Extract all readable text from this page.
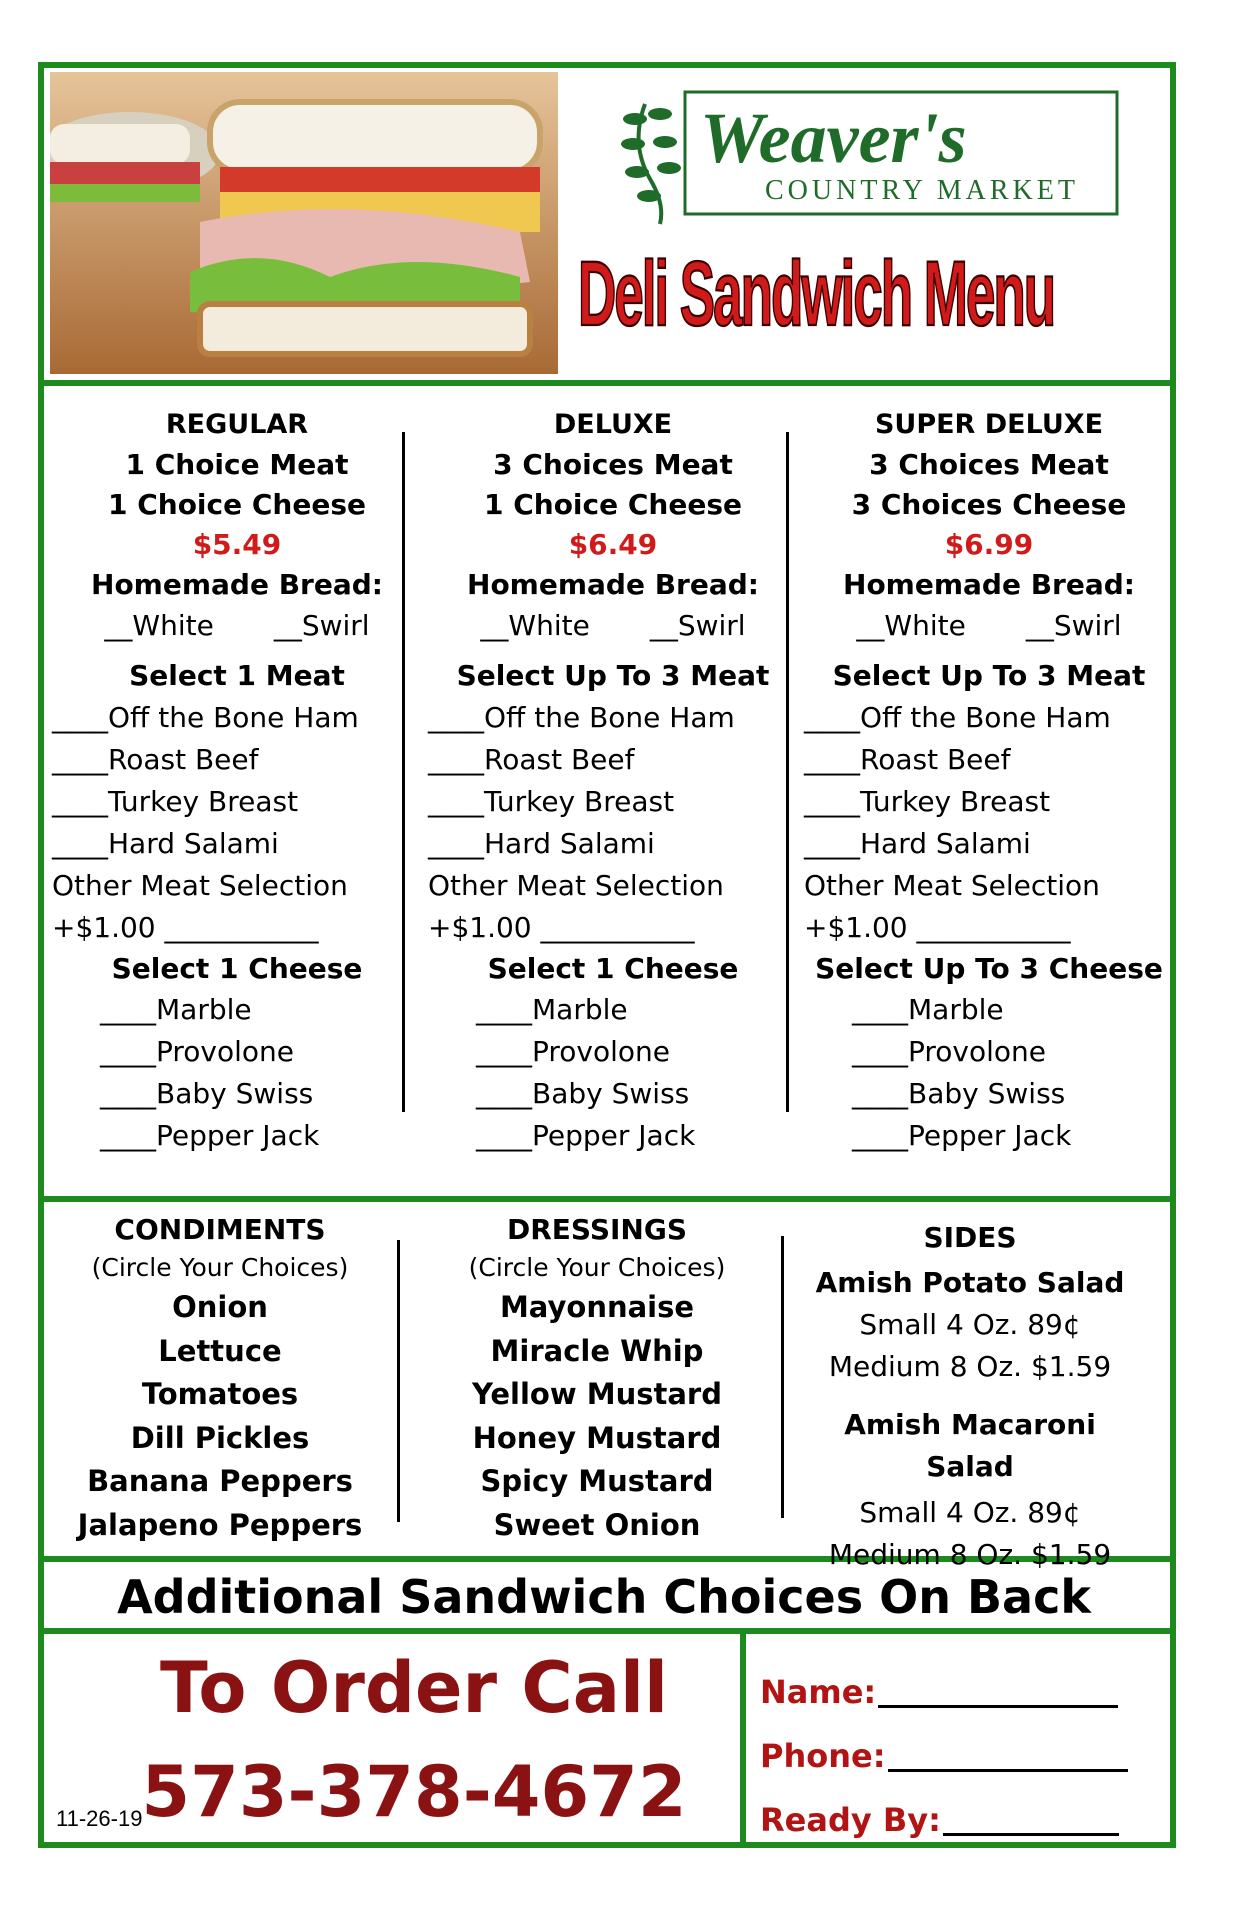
Weaver's
COUNTRY MARKET
Deli Sandwich Menu
REGULAR
1 Choice Meat
1 Choice Cheese
$5.49
Homemade Bread:
__White __Swirl
Select 1 Meat
____Off the Bone Ham
____Roast Beef
____Turkey Breast
____Hard Salami
Other Meat Selection
+$1.00 ___________
Select 1 Cheese
____Marble
____Provolone
____Baby Swiss
____Pepper Jack
DELUXE
3 Choices Meat
1 Choice Cheese
$6.49
Homemade Bread:
__White __Swirl
Select Up To 3 Meat
____Off the Bone Ham
____Roast Beef
____Turkey Breast
____Hard Salami
Other Meat Selection
+$1.00 ___________
Select 1 Cheese
____Marble
____Provolone
____Baby Swiss
____Pepper Jack
SUPER DELUXE
3 Choices Meat
3 Choices Cheese
$6.99
Homemade Bread:
__White __Swirl
Select Up To 3 Meat
____Off the Bone Ham
____Roast Beef
____Turkey Breast
____Hard Salami
Other Meat Selection
+$1.00 ___________
Select Up To 3 Cheese
____Marble
____Provolone
____Baby Swiss
____Pepper Jack
CONDIMENTS
(Circle Your Choices)
Onion
Lettuce
Tomatoes
Dill Pickles
Banana Peppers
Jalapeno Peppers
DRESSINGS
(Circle Your Choices)
Mayonnaise
Miracle Whip
Yellow Mustard
Honey Mustard
Spicy Mustard
Sweet Onion
SIDES
Amish Potato Salad
Small 4 Oz. 89¢
Medium 8 Oz. $1.59
Amish Macaroni Salad
Small 4 Oz. 89¢
Medium 8 Oz. $1.59
Additional Sandwich Choices On Back
To Order Call
573-378-4672
11-26-19
Name:
Phone:
Ready By:
